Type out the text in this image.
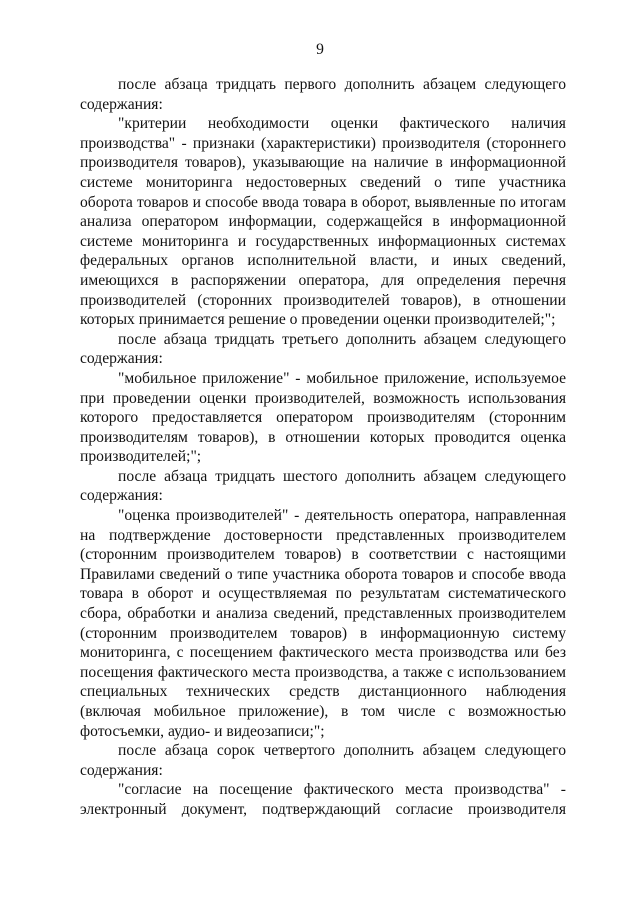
9

после абзаца тридцать первого дополнить абзацем следующего содержания:

"критерии необходимости оценки фактического наличия производства" - признаки (характеристики) производителя (стороннего производителя товаров), указывающие на наличие в информационной системе мониторинга недостоверных сведений о типе участника оборота товаров и способе ввода товара в оборот, выявленные по итогам анализа оператором информации, содержащейся в информационной системе мониторинга и государственных информационных системах федеральных органов исполнительной власти, и иных сведений, имеющихся в распоряжении оператора, для определения перечня производителей (сторонних производителей товаров), в отношении которых принимается решение о проведении оценки производителей;";

после абзаца тридцать третьего дополнить абзацем следующего содержания:

"мобильное приложение" - мобильное приложение, используемое при проведении оценки производителей, возможность использования которого предоставляется оператором производителям (сторонним производителям товаров), в отношении которых проводится оценка производителей;";

после абзаца тридцать шестого дополнить абзацем следующего содержания:

"оценка производителей" - деятельность оператора, направленная на подтверждение достоверности представленных производителем (сторонним производителем товаров) в соответствии с настоящими Правилами сведений о типе участника оборота товаров и способе ввода товара в оборот и осуществляемая по результатам систематического сбора, обработки и анализа сведений, представленных производителем (сторонним производителем товаров) в информационную систему мониторинга, с посещением фактического места производства или без посещения фактического места производства, а также с использованием специальных технических средств дистанционного наблюдения (включая мобильное приложение), в том числе с возможностью фотосъемки, аудио- и видеозаписи;";

после абзаца сорок четвертого дополнить абзацем следующего содержания:

"согласие на посещение фактического места производства" - электронный документ, подтверждающий согласие производителя
